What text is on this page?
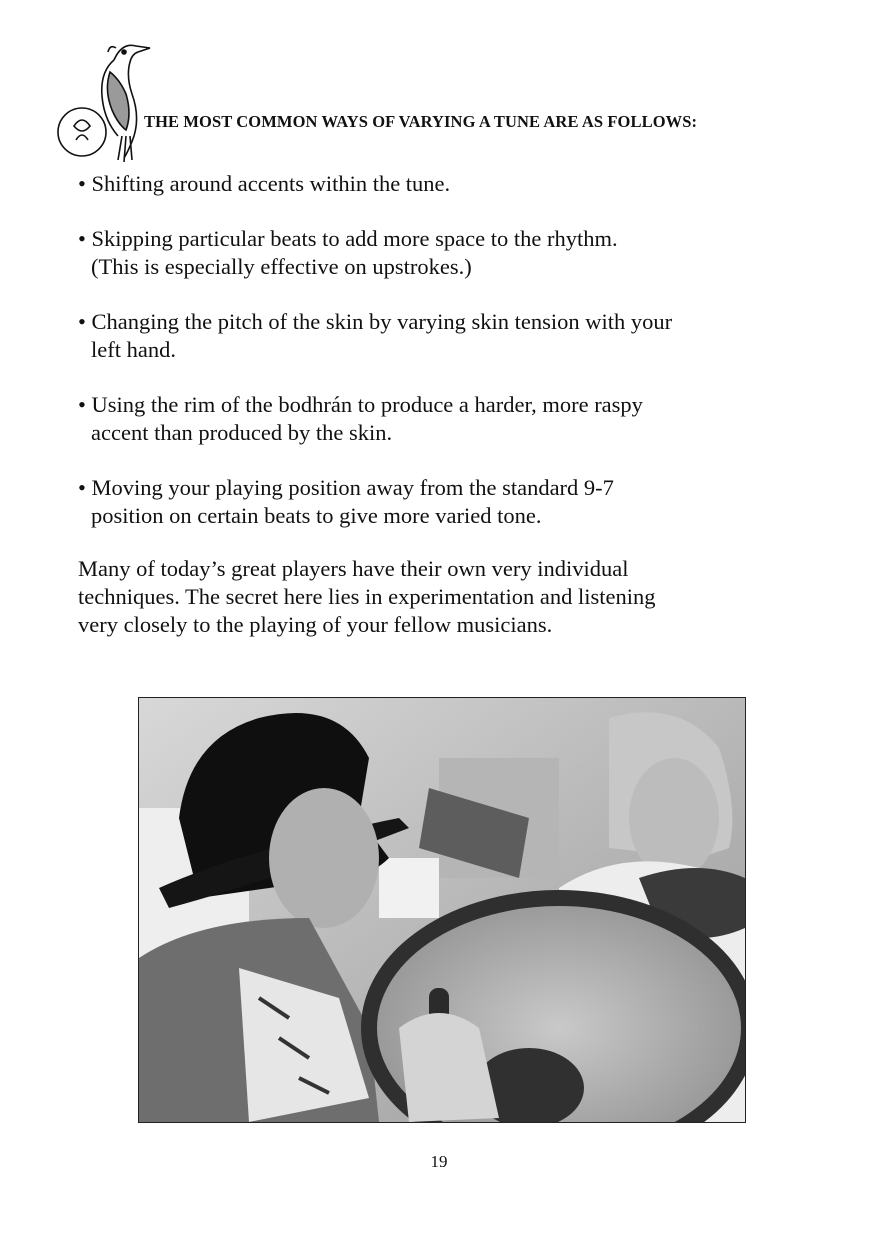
THE MOST COMMON WAYS OF VARYING A TUNE ARE AS FOLLOWS:
• Shifting around accents within the tune.
• Skipping particular beats to add more space to the rhythm.
(This is especially effective on upstrokes.)
• Changing the pitch of the skin by varying skin tension with your
left hand.
• Using the rim of the bodhrán to produce a harder, more raspy
accent than produced by the skin.
• Moving your playing position away from the standard 9-7
position on certain beats to give more varied tone.

Many of today’s great players have their own very individual
techniques. The secret here lies in experimentation and listening
very closely to the playing of your fellow musicians.

19
